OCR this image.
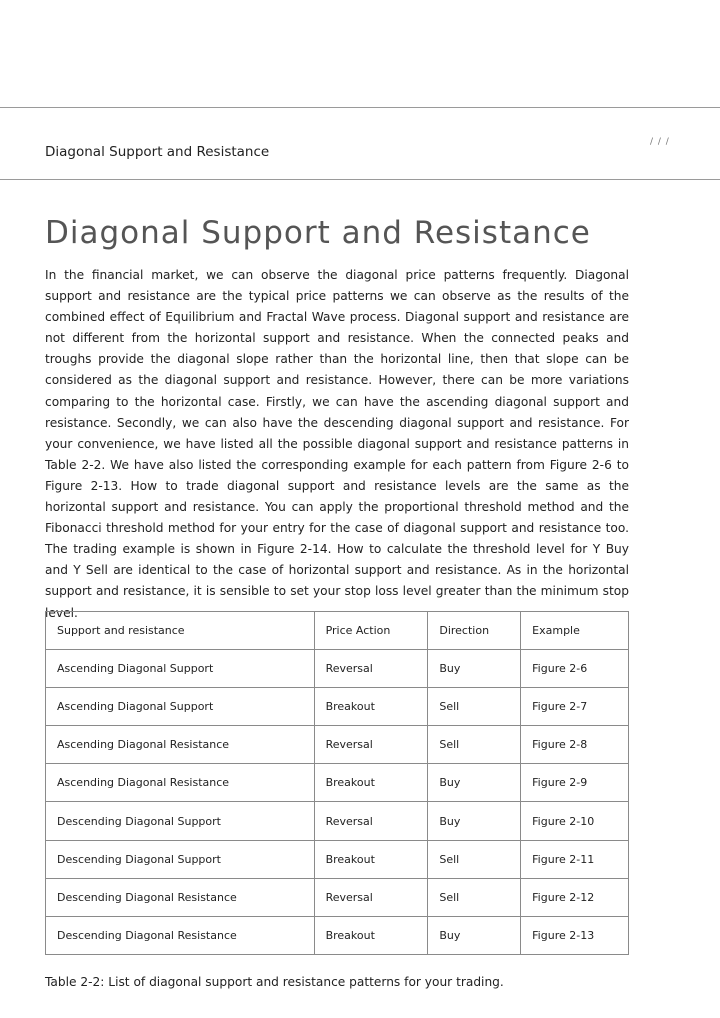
/ / /
Diagonal Support and Resistance
Diagonal Support and Resistance

In the financial market, we can observe the diagonal price patterns frequently. Diagonal support and resistance are the typical price patterns we can observe as the results of the combined effect of Equilibrium and Fractal Wave process. Diagonal support and resistance are not different from the horizontal support and resistance. When the connected peaks and troughs provide the diagonal slope rather than the horizontal line, then that slope can be considered as the diagonal support and resistance. However, there can be more variations comparing to the horizontal case. Firstly, we can have the ascending diagonal support and resistance. Secondly, we can also have the descending diagonal support and resistance. For your convenience, we have listed all the possible diagonal support and resistance patterns in Table 2-2. We have also listed the corresponding example for each pattern from Figure 2-6 to Figure 2-13. How to trade diagonal support and resistance levels are the same as the horizontal support and resistance. You can apply the proportional threshold method and the Fibonacci threshold method for your entry for the case of diagonal support and resistance too. The trading example is shown in Figure 2-14. How to calculate the threshold level for Y Buy and Y Sell are identical to the case of horizontal support and resistance. As in the horizontal support and resistance, it is sensible to set your stop loss level greater than the minimum stop level.

Support and resistance	Price Action	Direction	Example
Ascending Diagonal Support	Reversal	Buy	Figure 2-6
Ascending Diagonal Support	Breakout	Sell	Figure 2-7
Ascending Diagonal Resistance	Reversal	Sell	Figure 2-8
Ascending Diagonal Resistance	Breakout	Buy	Figure 2-9
Descending Diagonal Support	Reversal	Buy	Figure 2-10
Descending Diagonal Support	Breakout	Sell	Figure 2-11
Descending Diagonal Resistance	Reversal	Sell	Figure 2-12
Descending Diagonal Resistance	Breakout	Buy	Figure 2-13

Table 2-2: List of diagonal support and resistance patterns for your trading.
